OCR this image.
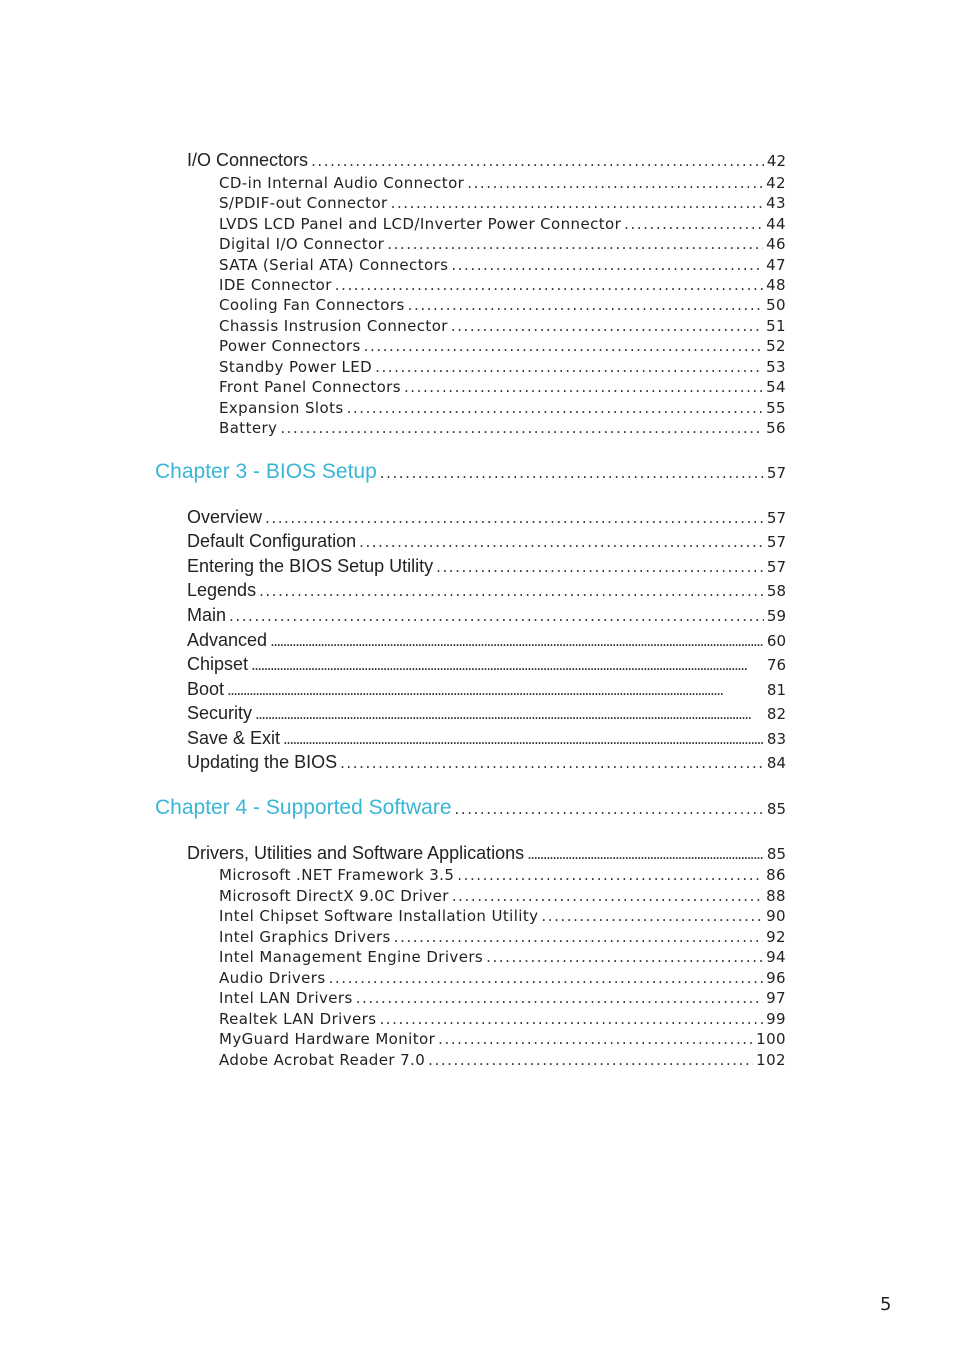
I/O Connectors . . .	42
CD-in Internal Audio Connector . . .	42
S/PDIF-out Connector . . .	43
LVDS LCD Panel and LCD/Inverter Power Connector . . .	44
Digital I/O Connector . . .	46
SATA (Serial ATA) Connectors . . .	47
IDE Connector . . .	48
Cooling Fan Connectors . . .	50
Chassis Instrusion Connector . . .	51
Power Connectors . . .	52
Standby Power LED . . .	53
Front Panel Connectors . . .	54
Expansion Slots . . .	55
Battery . . .	56
Chapter 3 - BIOS Setup . . .	57
Overview . . .	57
Default Configuration . . .	57
Entering the BIOS Setup Utility . . .	57
Legends . . .	58
Main . . .	59
Advanced . . .	60
Chipset . . .	76
Boot . . .	81
Security . . .	82
Save & Exit . . .	83
Updating the BIOS . . .	84
Chapter 4 - Supported Software . . .	85
Drivers, Utilities and Software Applications . . .	85
Microsoft .NET Framework 3.5 . . .	86
Microsoft DirectX 9.0C Driver . . .	88
Intel Chipset Software Installation Utility . . .	90
Intel Graphics Drivers . . .	92
Intel Management Engine Drivers . . .	94
Audio Drivers . . .	96
Intel LAN Drivers . . .	97
Realtek LAN Drivers . . .	99
MyGuard Hardware Monitor . . .	100
Adobe Acrobat Reader 7.0 . . .	102
5
